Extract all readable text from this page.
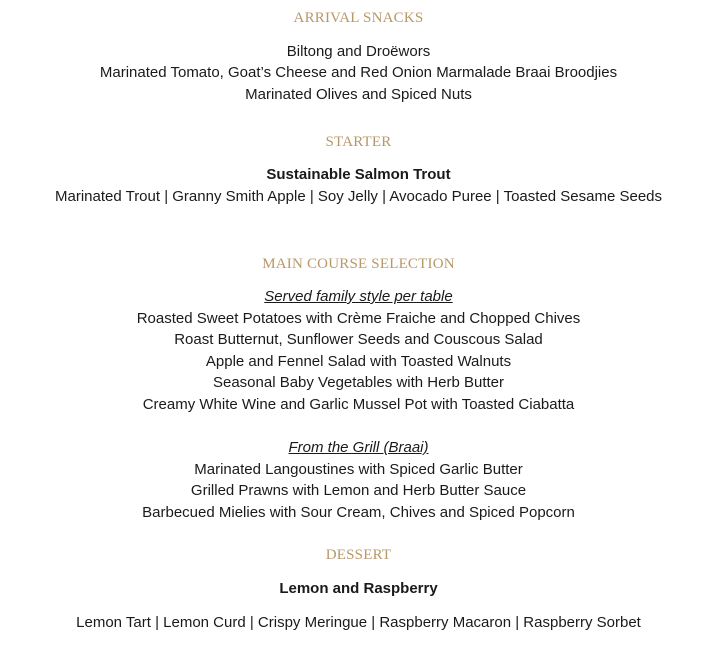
ARRIVAL SNACKS
Biltong and Droëwors
Marinated Tomato, Goat’s Cheese and Red Onion Marmalade Braai Broodjies
Marinated Olives and Spiced Nuts
STARTER
Sustainable Salmon Trout
Marinated Trout | Granny Smith Apple | Soy Jelly | Avocado Puree | Toasted Sesame Seeds
MAIN COURSE SELECTION
Served family style per table
Roasted Sweet Potatoes with Crème Fraiche and Chopped Chives
Roast Butternut, Sunflower Seeds and Couscous Salad
Apple and Fennel Salad with Toasted Walnuts
Seasonal Baby Vegetables with Herb Butter
Creamy White Wine and Garlic Mussel Pot with Toasted Ciabatta
From the Grill (Braai)
Marinated Langoustines with Spiced Garlic Butter
Grilled Prawns with Lemon and Herb Butter Sauce
Barbecued Mielies with Sour Cream, Chives and Spiced Popcorn
DESSERT
Lemon and Raspberry
Lemon Tart | Lemon Curd | Crispy Meringue | Raspberry Macaron | Raspberry Sorbet
